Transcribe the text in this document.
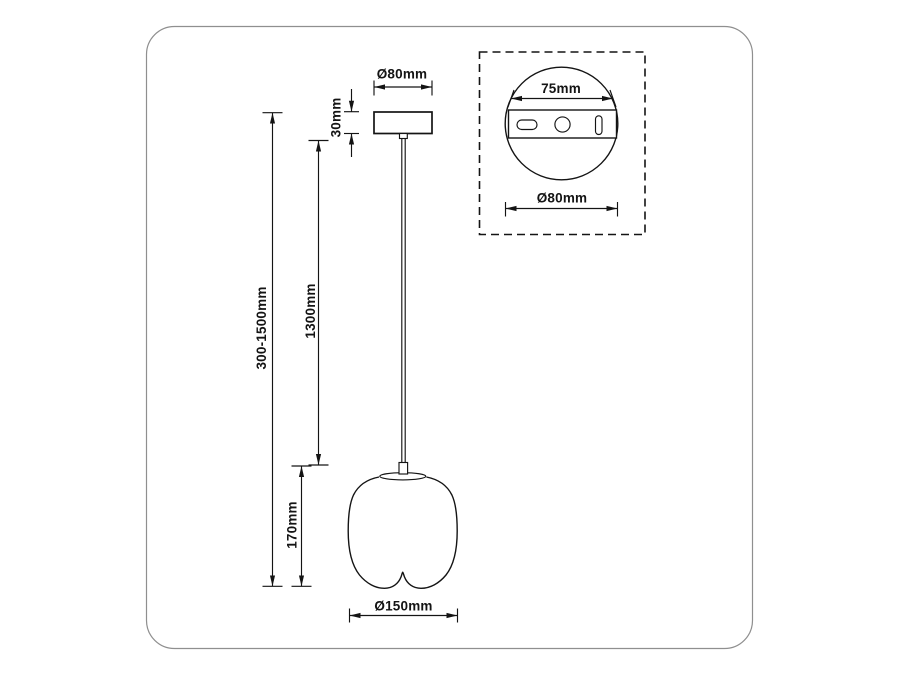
Ø80mm
30mm
300-1500mm	1300mm
170mm
Ø150mm
75mm
Ø80mm
